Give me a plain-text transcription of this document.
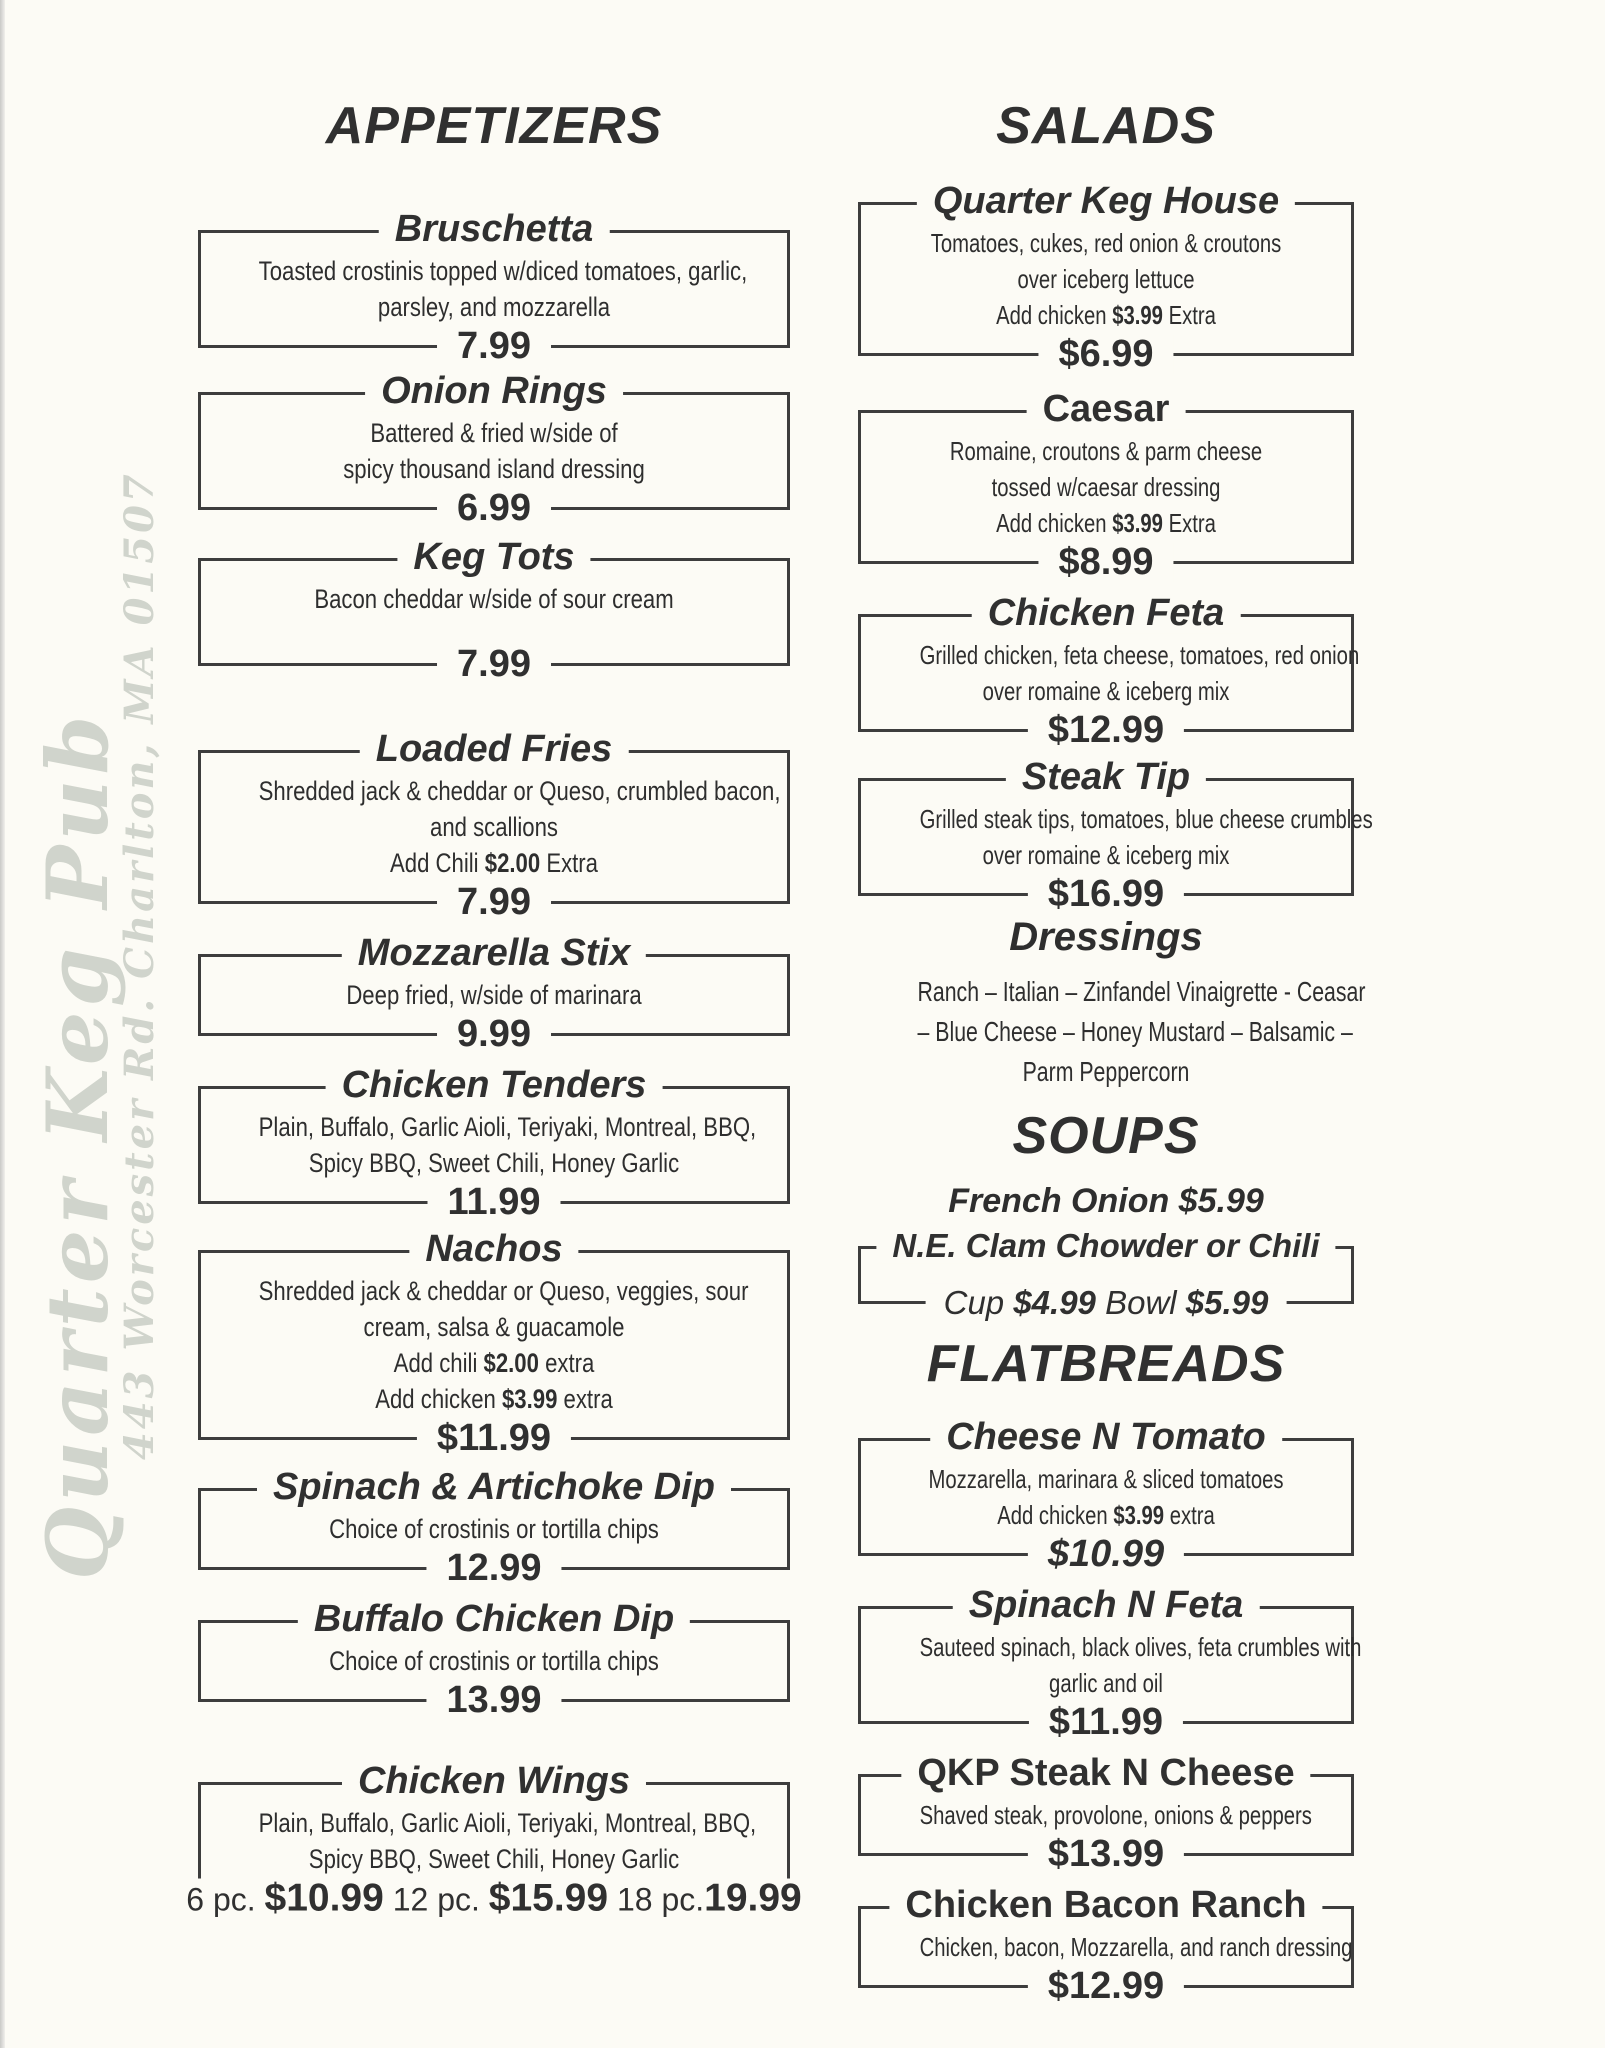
Quarter Keg Pub
443 Worcester Rd. Charlton, MA 01507
APPETIZERS
Bruschetta
Toasted crostinis topped w/diced tomatoes, garlic,
parsley, and mozzarella
7.99
Onion Rings
Battered & fried w/side of
spicy thousand island dressing
6.99
Keg Tots
Bacon cheddar w/side of sour cream
7.99
Loaded Fries
Shredded jack & cheddar or Queso, crumbled bacon,
and scallions
Add Chili $2.00 Extra
7.99
Mozzarella Stix
Deep fried, w/side of marinara
9.99
Chicken Tenders
Plain, Buffalo, Garlic Aioli, Teriyaki, Montreal, BBQ,
Spicy BBQ, Sweet Chili, Honey Garlic
11.99
Nachos
Shredded jack & cheddar or Queso, veggies, sour
cream, salsa & guacamole
Add chili $2.00 extra
Add chicken $3.99 extra
$11.99
Spinach & Artichoke Dip
Choice of crostinis or tortilla chips
12.99
Buffalo Chicken Dip
Choice of crostinis or tortilla chips
13.99
Chicken Wings
Plain, Buffalo, Garlic Aioli, Teriyaki, Montreal, BBQ,
Spicy BBQ, Sweet Chili, Honey Garlic
6 pc. $10.99 12 pc. $15.99 18 pc.19.99
SALADS
Quarter Keg House
Tomatoes, cukes, red onion & croutons
over iceberg lettuce
Add chicken $3.99 Extra
$6.99
Caesar
Romaine, croutons & parm cheese
tossed w/caesar dressing
Add chicken $3.99 Extra
$8.99
Chicken Feta
Grilled chicken, feta cheese, tomatoes, red onion
over romaine & iceberg mix
$12.99
Steak Tip
Grilled steak tips, tomatoes, blue cheese crumbles
over romaine & iceberg mix
$16.99
Dressings
Ranch – Italian – Zinfandel Vinaigrette - Ceasar
– Blue Cheese – Honey Mustard – Balsamic –
Parm Peppercorn
SOUPS
French Onion $5.99
N.E. Clam Chowder or Chili
Cup $4.99 Bowl $5.99
FLATBREADS
Cheese N Tomato
Mozzarella, marinara & sliced tomatoes
Add chicken $3.99 extra
$10.99
Spinach N Feta
Sauteed spinach, black olives, feta crumbles with
garlic and oil
$11.99
QKP Steak N Cheese
Shaved steak, provolone, onions & peppers
$13.99
Chicken Bacon Ranch
Chicken, bacon, Mozzarella, and ranch dressing
$12.99
